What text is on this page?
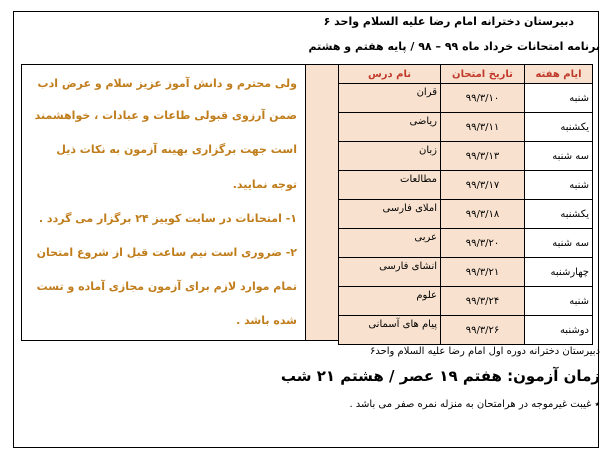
دبیرستان دخترانه امام رضا علیه السلام واحد ۶
برنامه امتحانات خرداد ماه ۹۹ – ۹۸ / پایه هفتم و هشتم

ولی محترم و دانش آموز عزیز سلام و عرض ادب

ضمن آرزوی قبولی طاعات و عبادات ، خواهشمند

است جهت برگزاری بهینه آزمون به نکات ذیل

توجه نمایید.

۱- امتحانات در سایت کوییز ۲۴ برگزار می گردد .

۲- ضروری است نیم ساعت قبل از شروع امتحان

تمام موارد لازم برای آزمون مجازی آماده و تست

شده باشد .

ایام هفته	تاریخ امتحان	نام درس
شنبه	۹۹/۳/۱۰	قران
یکشنبه	۹۹/۳/۱۱	ریاضی
سه شنبه	۹۹/۳/۱۳	زبان
شنبه	۹۹/۳/۱۷	مطالعات
یکشنبه	۹۹/۳/۱۸	املای فارسی
سه شنبه	۹۹/۳/۲۰	عربی
چهارشنبه	۹۹/۳/۲۱	انشای فارسی
شنبه	۹۹/۳/۲۴	علوم
دوشنبه	۹۹/۳/۲۶	پیام های آسمانی
دبیرستان دخترانه دوره اول امام رضا علیه السلام واحد۶
زمان آزمون: هفتم ۱۹ عصر / هشتم ۲۱ شب
٭ غیبت غیرموجه در هرامتحان به منزله نمره صفر می باشد .
